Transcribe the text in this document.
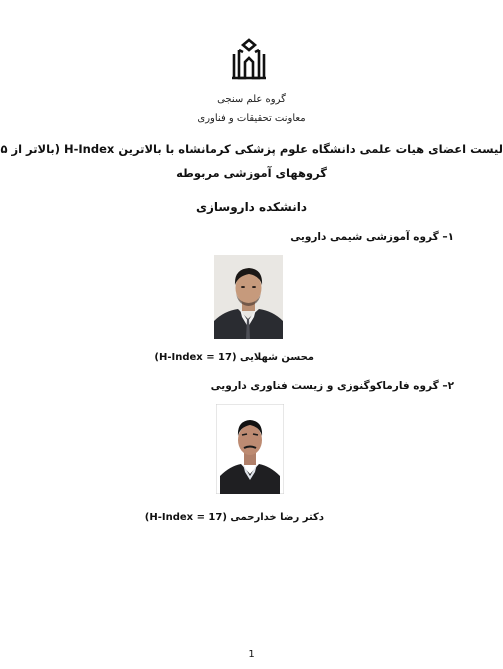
گروه علم سنجی
معاونت تحقیقات و فناوری
لیست اعضای هیات علمی دانشگاه علوم پزشکی کرمانشاه با بالاترین H-Index (بالاتر از ۵
گروههای آموزشی مربوطه
دانشکده داروسازی
۱– گروه آموزشی شیمی دارویی
محسن شهلایی (H-Index = 17)
۲– گروه فارماکوگنوزی و زیست فناوری دارویی
دکتر رضا خدارحمی (H-Index = 17)
1
